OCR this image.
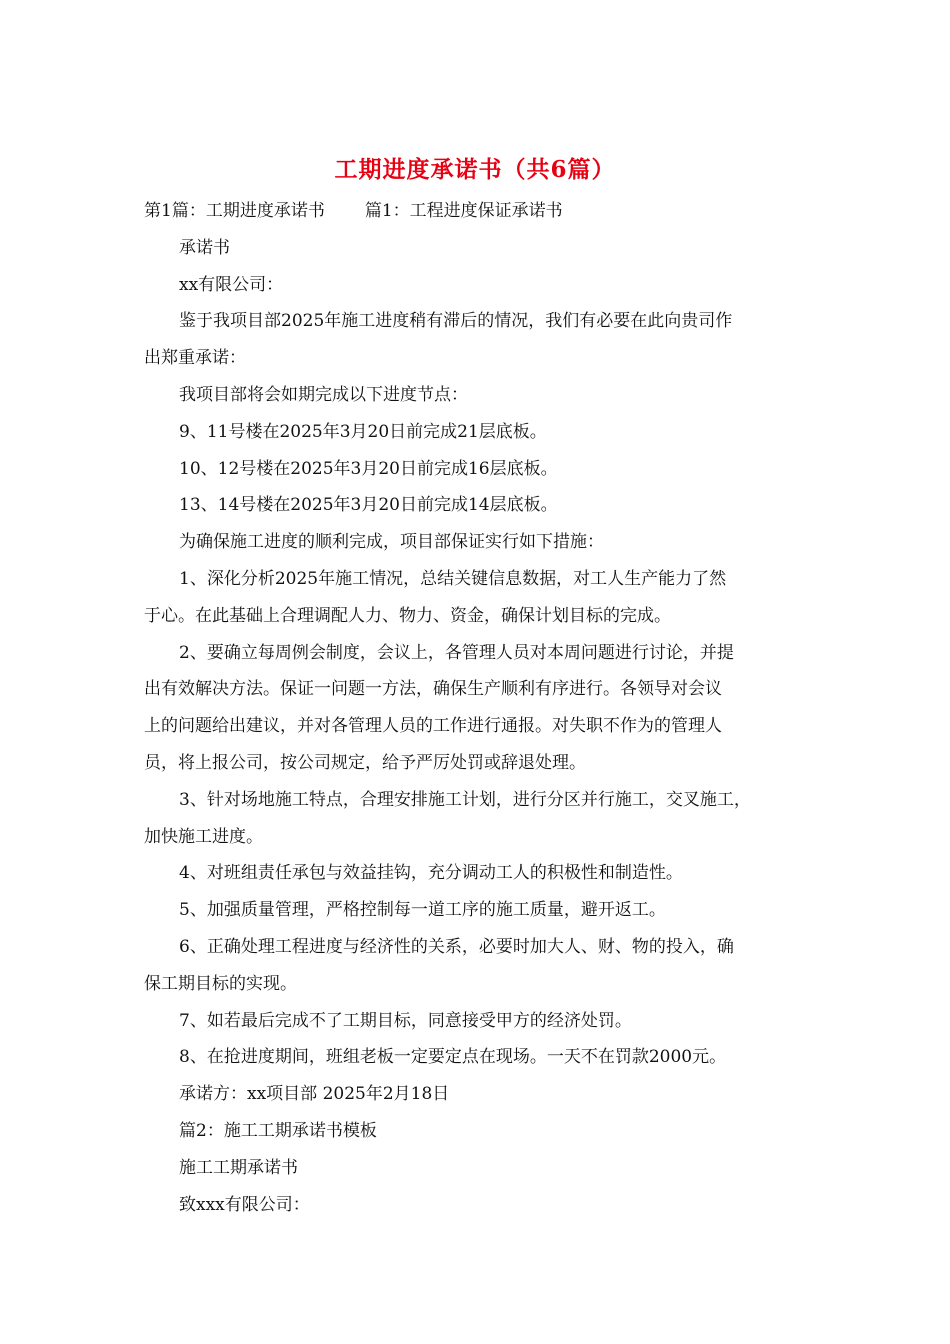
工期进度承诺书（共6篇）
第1篇：工期进度承诺书 篇1：工程进度保证承诺书
承诺书
xx有限公司：
鉴于我项目部2025年施工进度稍有滞后的情况，我们有必要在此向贵司作
出郑重承诺：
我项目部将会如期完成以下进度节点：
9、11号楼在2025年3月20日前完成21层底板。
10、12号楼在2025年3月20日前完成16层底板。
13、14号楼在2025年3月20日前完成14层底板。
为确保施工进度的顺利完成，项目部保证实行如下措施：
1、深化分析2025年施工情况，总结关键信息数据，对工人生产能力了然
于心。在此基础上合理调配人力、物力、资金，确保计划目标的完成。
2、要确立每周例会制度，会议上，各管理人员对本周问题进行讨论，并提
出有效解决方法。保证一问题一方法，确保生产顺利有序进行。各领导对会议
上的问题给出建议，并对各管理人员的工作进行通报。对失职不作为的管理人
员，将上报公司，按公司规定，给予严厉处罚或辞退处理。
3、针对场地施工特点，合理安排施工计划，进行分区并行施工，交叉施工，
加快施工进度。
4、对班组责任承包与效益挂钩，充分调动工人的积极性和制造性。
5、加强质量管理，严格控制每一道工序的施工质量，避开返工。
6、正确处理工程进度与经济性的关系，必要时加大人、财、物的投入，确
保工期目标的实现。
7、如若最后完成不了工期目标，同意接受甲方的经济处罚。
8、在抢进度期间，班组老板一定要定点在现场。一天不在罚款2000元。
承诺方：xx项目部 2025年2月18日
篇2：施工工期承诺书模板
施工工期承诺书
致xxx有限公司：
